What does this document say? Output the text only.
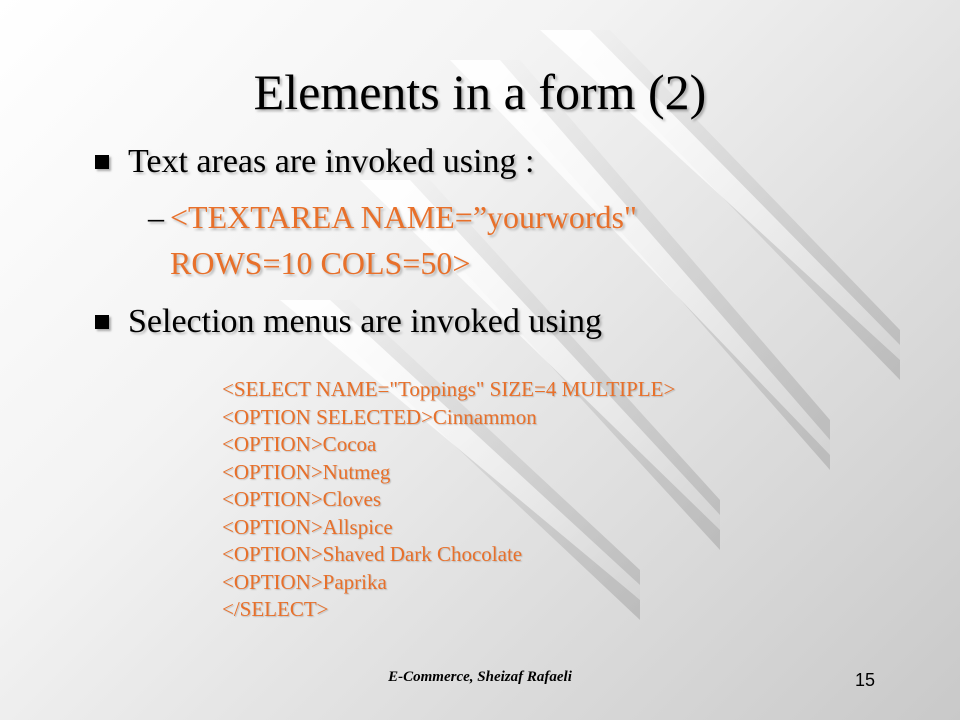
Elements in a form (2)
Text areas are invoked using :
– <TEXTAREA NAME=”yourwords"
ROWS=10 COLS=50>
Selection menus are invoked using
<SELECT NAME="Toppings" SIZE=4 MULTIPLE>
<OPTION SELECTED>Cinnammon
<OPTION>Cocoa
<OPTION>Nutmeg
<OPTION>Cloves
<OPTION>Allspice
<OPTION>Shaved Dark Chocolate
<OPTION>Paprika
</SELECT>
E-Commerce, Sheizaf Rafaeli	15
